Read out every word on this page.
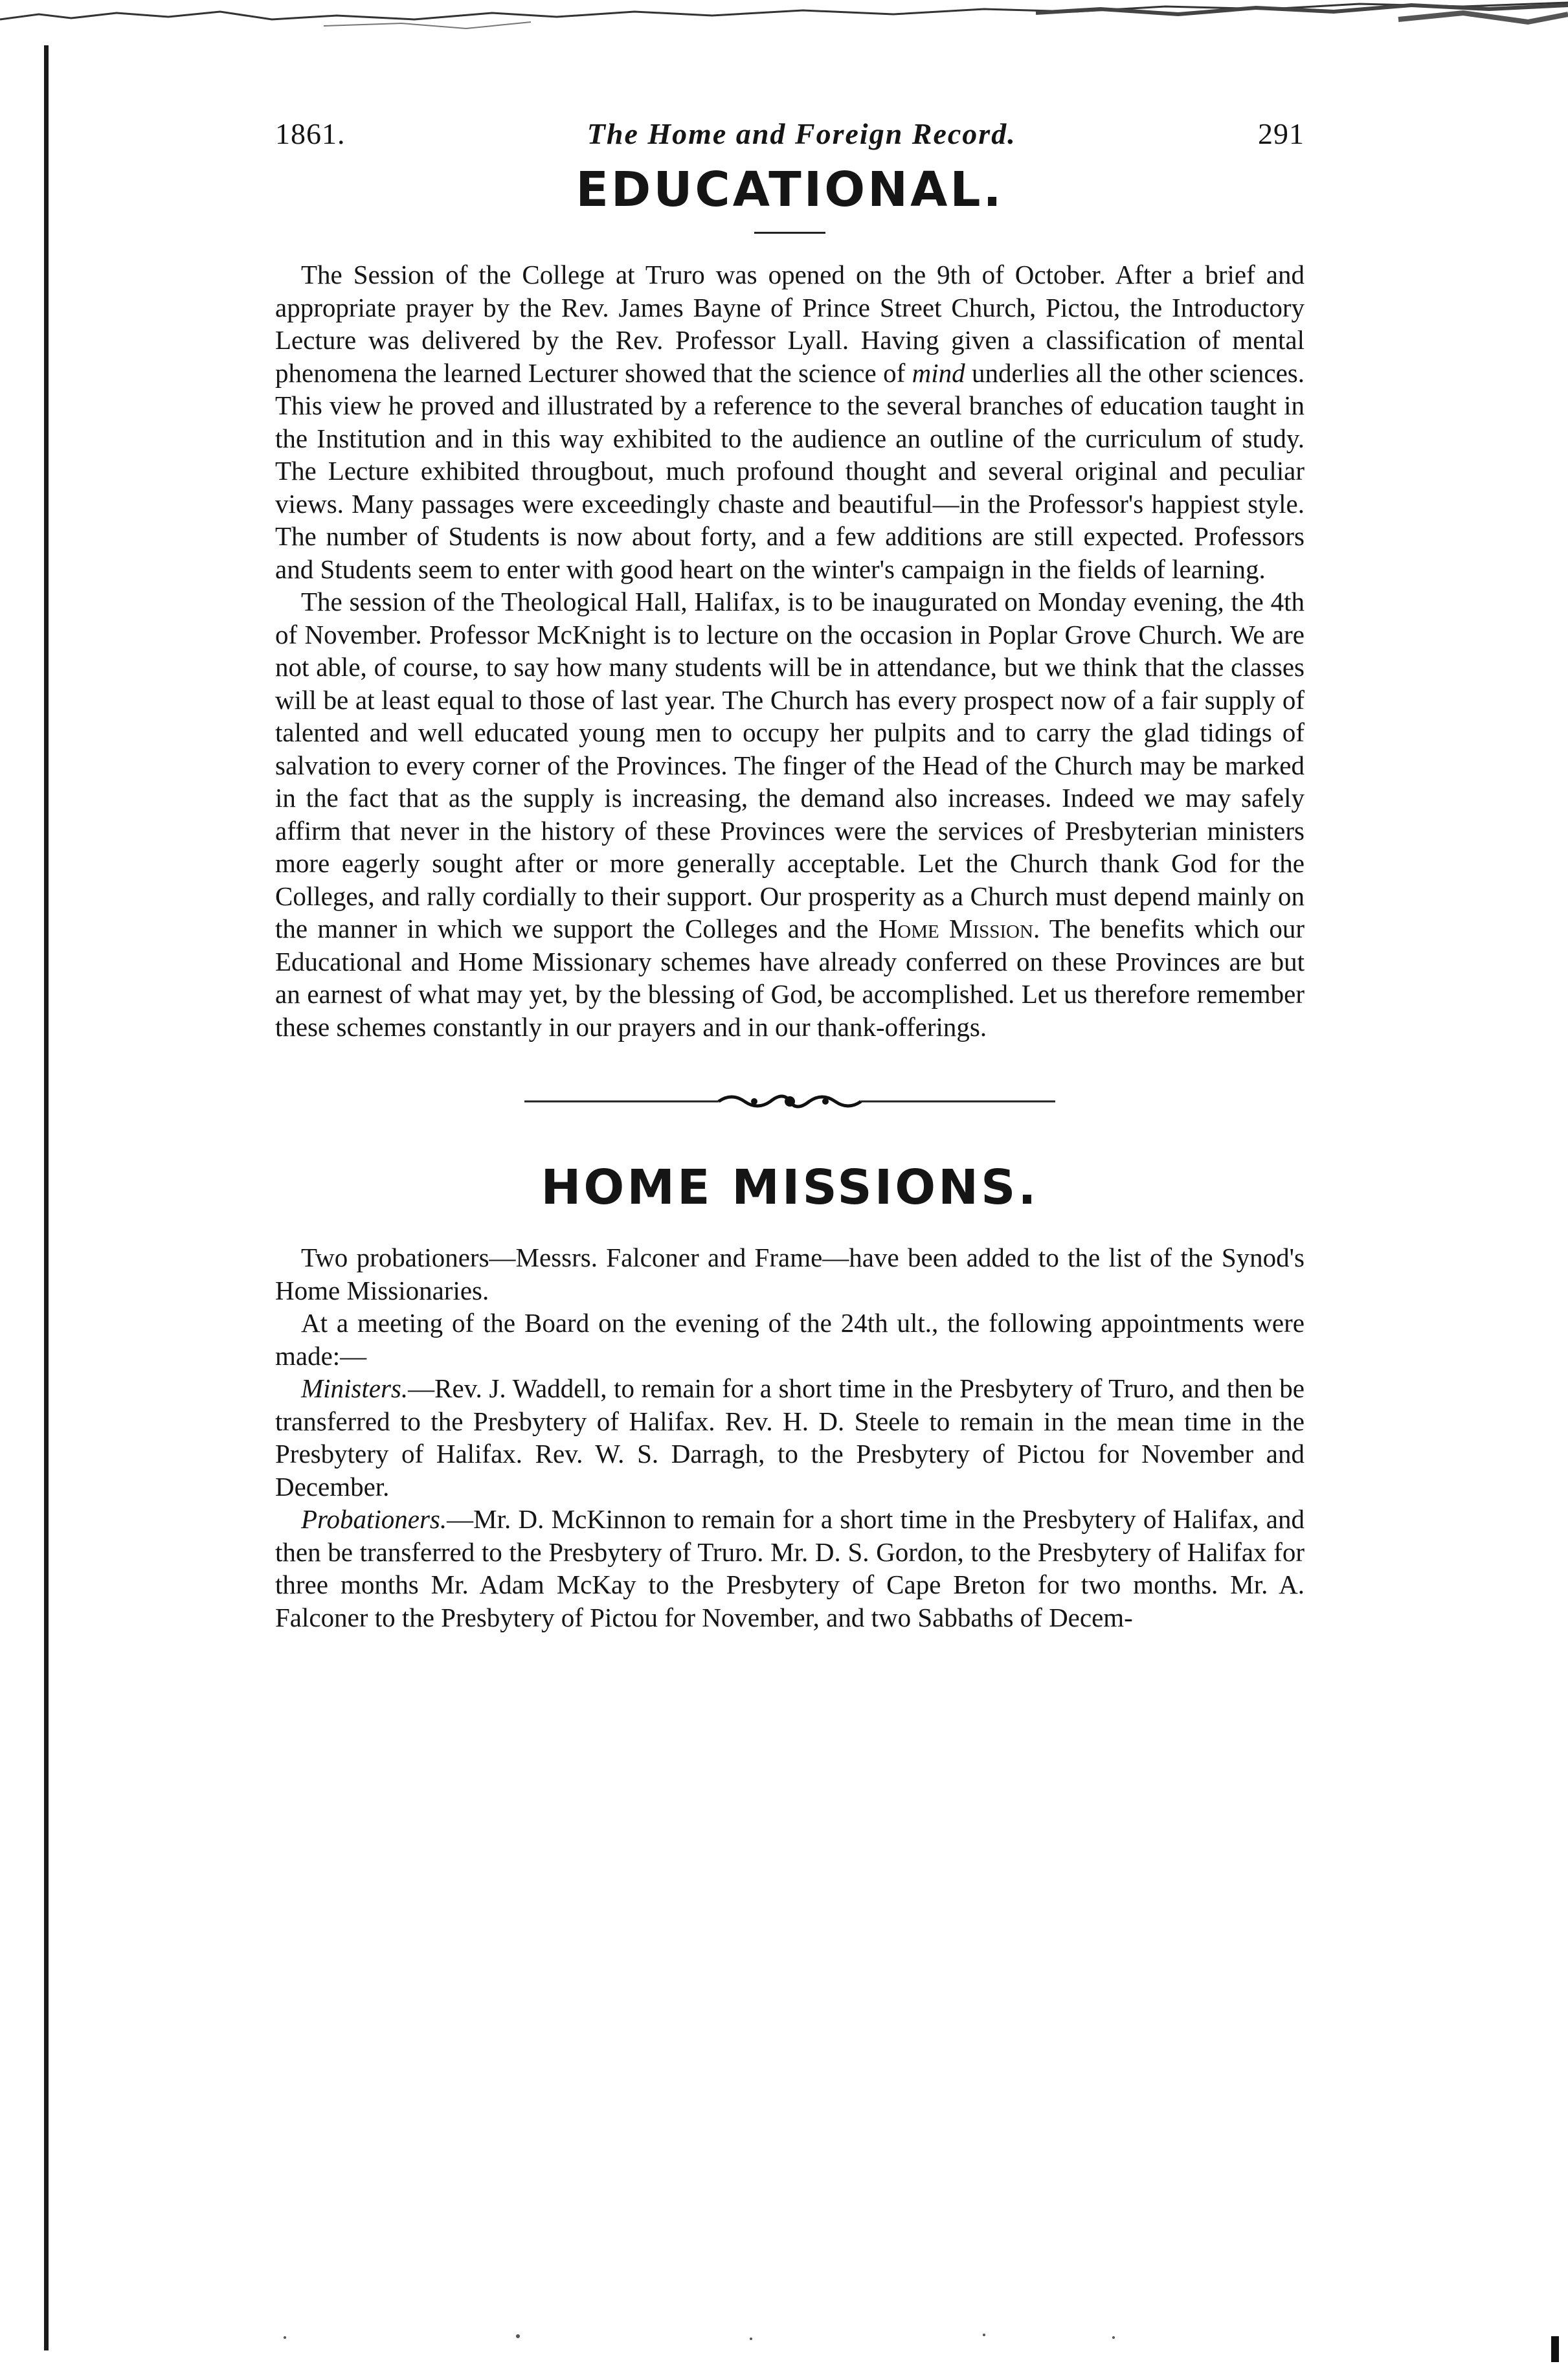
1861.	The Home and Foreign Record.	291
EDUCATIONAL.

The Session of the College at Truro was opened on the 9th of October. After a brief and appropriate prayer by the Rev. James Bayne of Prince Street Church, Pictou, the Introductory Lecture was delivered by the Rev. Professor Lyall. Having given a classification of mental phenomena the learned Lecturer showed that the science of mind underlies all the other sciences. This view he proved and illustrated by a reference to the several branches of education taught in the Institution and in this way exhibited to the audience an outline of the curriculum of study. The Lecture exhibited througbout, much profound thought and several original and peculiar views. Many passages were exceedingly chaste and beautiful—in the Professor's happiest style. The number of Students is now about forty, and a few additions are still expected. Professors and Students seem to enter with good heart on the winter's campaign in the fields of learning.

The session of the Theological Hall, Halifax, is to be inaugurated on Monday evening, the 4th of November. Professor McKnight is to lecture on the occasion in Poplar Grove Church. We are not able, of course, to say how many students will be in attendance, but we think that the classes will be at least equal to those of last year. The Church has every prospect now of a fair supply of talented and well educated young men to occupy her pulpits and to carry the glad tidings of salvation to every corner of the Provinces. The finger of the Head of the Church may be marked in the fact that as the supply is increasing, the demand also increases. Indeed we may safely affirm that never in the history of these Provinces were the services of Presbyterian ministers more eagerly sought after or more generally acceptable. Let the Church thank God for the Colleges, and rally cordially to their support. Our prosperity as a Church must depend mainly on the manner in which we support the Colleges and the Home Mission. The benefits which our Educational and Home Missionary schemes have already conferred on these Provinces are but an earnest of what may yet, by the blessing of God, be accomplished. Let us therefore remember these schemes constantly in our prayers and in our thank-offerings.

HOME MISSIONS.

Two probationers—Messrs. Falconer and Frame—have been added to the list of the Synod's Home Missionaries.

At a meeting of the Board on the evening of the 24th ult., the following appointments were made:—

Ministers.—Rev. J. Waddell, to remain for a short time in the Presbytery of Truro, and then be transferred to the Presbytery of Halifax. Rev. H. D. Steele to remain in the mean time in the Presbytery of Halifax. Rev. W. S. Darragh, to the Presbytery of Pictou for November and December.

Probationers.—Mr. D. McKinnon to remain for a short time in the Presbytery of Halifax, and then be transferred to the Presbytery of Truro. Mr. D. S. Gordon, to the Presbytery of Halifax for three months Mr. Adam McKay to the Presbytery of Cape Breton for two months. Mr. A. Falconer to the Presbytery of Pictou for November, and two Sabbaths of Decem-
